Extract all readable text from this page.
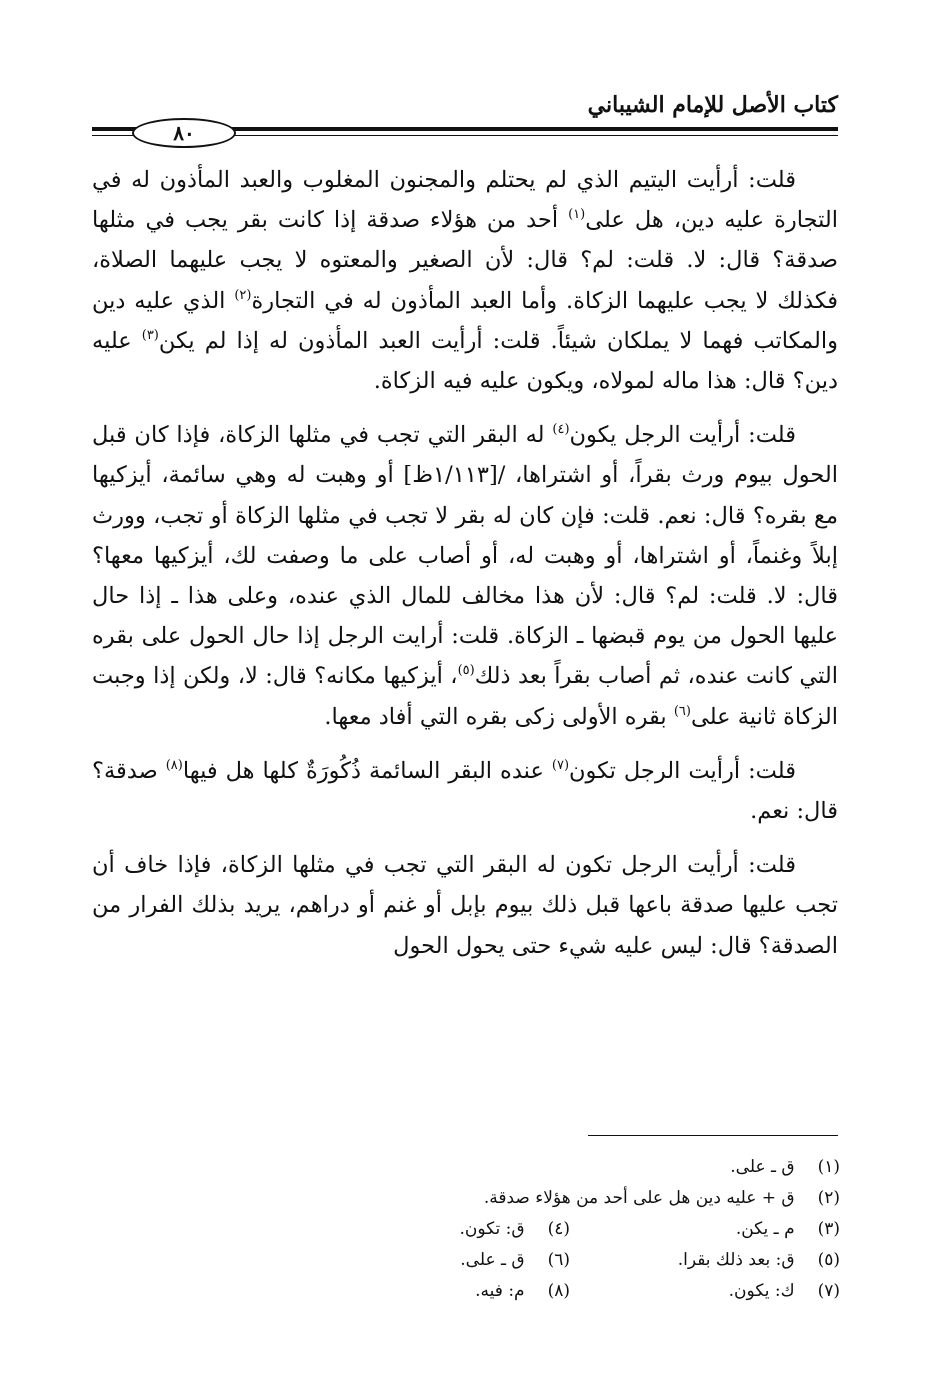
كتاب الأصل للإمام الشيباني
٨٠

قلت: أرأيت اليتيم الذي لم يحتلم والمجنون المغلوب والعبد المأذون له في التجارة عليه دين، هل على$^{(١)}$ أحد من هؤلاء صدقة إذا كانت بقر يجب في مثلها صدقة؟ قال: لا. قلت: لم؟ قال: لأن الصغير والمعتوه لا يجب عليهما الصلاة، فكذلك لا يجب عليهما الزكاة. وأما العبد المأذون له في التجارة$^{(٢)}$ الذي عليه دين والمكاتب فهما لا يملكان شيئاً. قلت: أرأيت العبد المأذون له إذا لم يكن$^{(٣)}$ عليه دين؟ قال: هذا ماله لمولاه، ويكون عليه فيه الزكاة.

قلت: أرأيت الرجل يكون$^{(٤)}$ له البقر التي تجب في مثلها الزكاة، فإذا كان قبل الحول بيوم ورث بقراً، أو اشتراها، /[١/١١٣ظ] أو وهبت له وهي سائمة، أيزكيها مع بقره؟ قال: نعم. قلت: فإن كان له بقر لا تجب في مثلها الزكاة أو تجب، وورث إبلاً وغنماً، أو اشتراها، أو وهبت له، أو أصاب على ما وصفت لك، أيزكيها معها؟ قال: لا. قلت: لم؟ قال: لأن هذا مخالف للمال الذي عنده، وعلى هذا ـ إذا حال عليها الحول من يوم قبضها ـ الزكاة. قلت: أرايت الرجل إذا حال الحول على بقره التي كانت عنده، ثم أصاب بقراً بعد ذلك$^{(٥)}$، أيزكيها مكانه؟ قال: لا، ولكن إذا وجبت الزكاة ثانية على$^{(٦)}$ بقره الأولى زكى بقره التي أفاد معها.

قلت: أرأيت الرجل تكون$^{(٧)}$ عنده البقر السائمة ذُكُورَةٌ كلها هل فيها$^{(٨)}$ صدقة؟ قال: نعم.

قلت: أرأيت الرجل تكون له البقر التي تجب في مثلها الزكاة، فإذا خاف أن تجب عليها صدقة باعها قبل ذلك بيوم بإبل أو غنم أو دراهم، يريد بذلك الفرار من الصدقة؟ قال: ليس عليه شيء حتى يحول الحول

(١) ق ـ على.
(٢) ق + عليه دين هل على أحد من هؤلاء صدقة.
(٣) م ـ يكن.
(٤) ق: تكون.
(٥) ق: بعد ذلك بقرا.
(٦) ق ـ على.
(٧) ك: يكون.
(٨) م: فيه.
